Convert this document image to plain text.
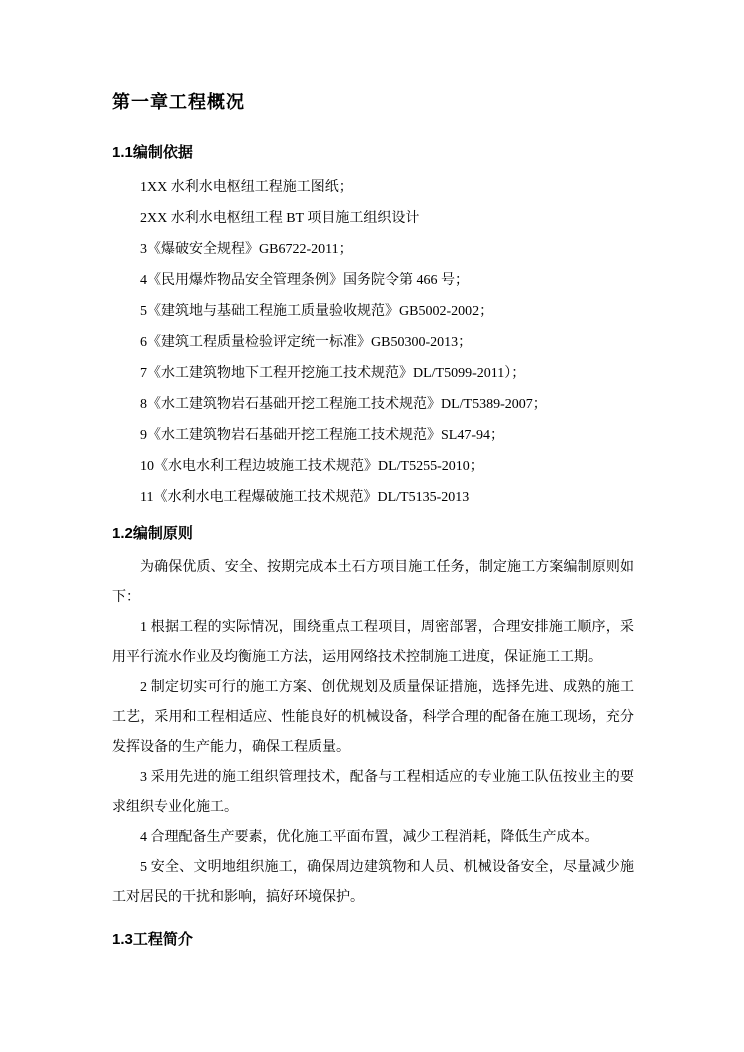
第一章工程概况
1.1编制依据

1XX 水利水电枢纽工程施工图纸；

2XX 水利水电枢纽工程 BT 项目施工组织设计

3《爆破安全规程》GB6722-2011；

4《民用爆炸物品安全管理条例》国务院令第 466 号；

5《建筑地与基础工程施工质量验收规范》GB5002-2002；

6《建筑工程质量检验评定统一标准》GB50300-2013；

7《水工建筑物地下工程开挖施工技术规范》DL/T5099-2011）；

8《水工建筑物岩石基础开挖工程施工技术规范》DL/T5389-2007；

9《水工建筑物岩石基础开挖工程施工技术规范》SL47-94；

10《水电水利工程边坡施工技术规范》DL/T5255-2010；

11《水利水电工程爆破施工技术规范》DL/T5135-2013

1.2编制原则

为确保优质、安全、按期完成本土石方项目施工任务，制定施工方案编制原则如下：

1 根据工程的实际情况，围绕重点工程项目，周密部署，合理安排施工顺序，采用平行流水作业及均衡施工方法，运用网络技术控制施工进度，保证施工工期。

2 制定切实可行的施工方案、创优规划及质量保证措施，选择先进、成熟的施工工艺，采用和工程相适应、性能良好的机械设备，科学合理的配备在施工现场，充分发挥设备的生产能力，确保工程质量。

3 采用先进的施工组织管理技术，配备与工程相适应的专业施工队伍按业主的要求组织专业化施工。

4 合理配备生产要素，优化施工平面布置，减少工程消耗，降低生产成本。

5 安全、文明地组织施工，确保周边建筑物和人员、机械设备安全，尽量减少施工对居民的干扰和影响，搞好环境保护。

1.3工程简介
